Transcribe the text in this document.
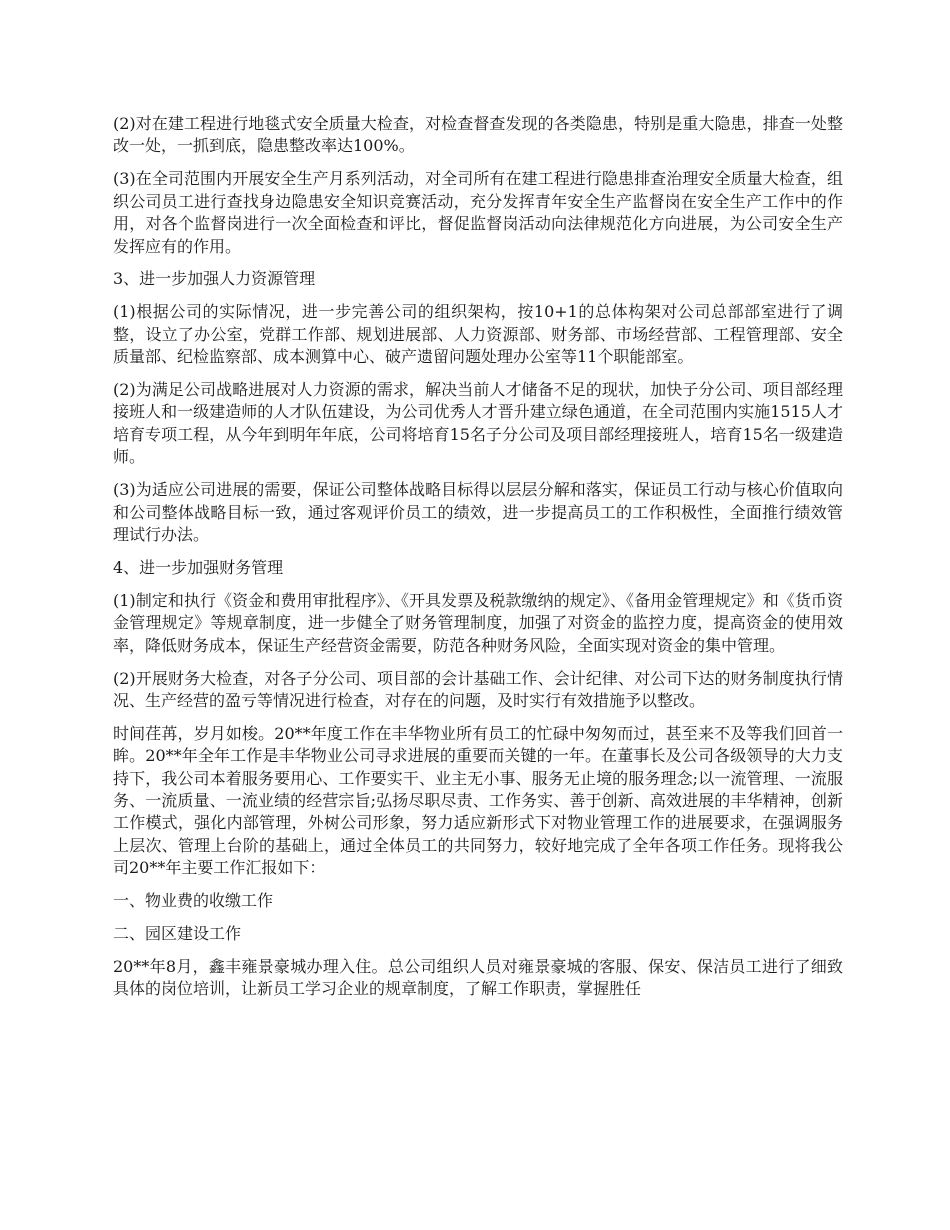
(2)对在建工程进行地毯式安全质量大检查，对检查督查发现的各类隐患，特别是重大隐患，排查一处整改一处，一抓到底，隐患整改率达100%。

(3)在全司范围内开展安全生产月系列活动，对全司所有在建工程进行隐患排查治理安全质量大检查，组织公司员工进行查找身边隐患安全知识竞赛活动，充分发挥青年安全生产监督岗在安全生产工作中的作用，对各个监督岗进行一次全面检查和评比，督促监督岗活动向法律规范化方向进展，为公司安全生产发挥应有的作用。

3、进一步加强人力资源管理

(1)根据公司的实际情况，进一步完善公司的组织架构，按10+1的总体构架对公司总部部室进行了调整，设立了办公室，党群工作部、规划进展部、人力资源部、财务部、市场经营部、工程管理部、安全质量部、纪检监察部、成本测算中心、破产遗留问题处理办公室等11个职能部室。

(2)为满足公司战略进展对人力资源的需求，解决当前人才储备不足的现状，加快子分公司、项目部经理接班人和一级建造师的人才队伍建设，为公司优秀人才晋升建立绿色通道，在全司范围内实施1515人才培育专项工程，从今年到明年年底，公司将培育15名子分公司及项目部经理接班人，培育15名一级建造师。

(3)为适应公司进展的需要，保证公司整体战略目标得以层层分解和落实，保证员工行动与核心价值取向和公司整体战略目标一致，通过客观评价员工的绩效，进一步提高员工的工作积极性，全面推行绩效管理试行办法。

4、进一步加强财务管理

(1)制定和执行《资金和费用审批程序》、《开具发票及税款缴纳的规定》、《备用金管理规定》和《货币资金管理规定》等规章制度，进一步健全了财务管理制度，加强了对资金的监控力度，提高资金的使用效率，降低财务成本，保证生产经营资金需要，防范各种财务风险，全面实现对资金的集中管理。

(2)开展财务大检查，对各子分公司、项目部的会计基础工作、会计纪律、对公司下达的财务制度执行情况、生产经营的盈亏等情况进行检查，对存在的问题，及时实行有效措施予以整改。

时间荏苒，岁月如梭。20**年度工作在丰华物业所有员工的忙碌中匆匆而过，甚至来不及等我们回首一眸。20**年全年工作是丰华物业公司寻求进展的重要而关键的一年。在董事长及公司各级领导的大力支持下，我公司本着服务要用心、工作要实干、业主无小事、服务无止境的服务理念;以一流管理、一流服务、一流质量、一流业绩的经营宗旨;弘扬尽职尽责、工作务实、善于创新、高效进展的丰华精神，创新工作模式，强化内部管理，外树公司形象，努力适应新形式下对物业管理工作的进展要求，在强调服务上层次、管理上台阶的基础上，通过全体员工的共同努力，较好地完成了全年各项工作任务。现将我公司20**年主要工作汇报如下：

一、物业费的收缴工作

二、园区建设工作

20**年8月，鑫丰雍景豪城办理入住。总公司组织人员对雍景豪城的客服、保安、保洁员工进行了细致具体的岗位培训，让新员工学习企业的规章制度，了解工作职责，掌握胜任
